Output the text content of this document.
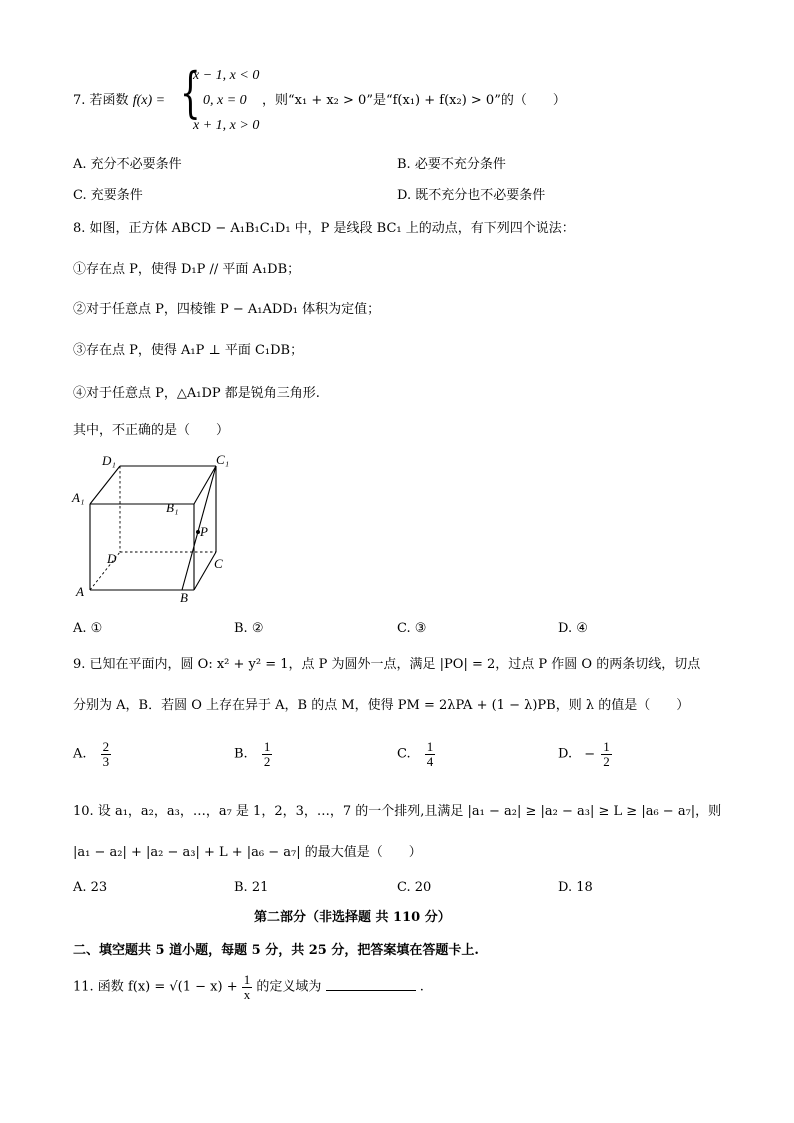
7. 若函数 f(x) = {
x − 1, x < 0
0, x = 0
x + 1, x > 0
，则“x₁ + x₂ > 0”是“f(x₁) + f(x₂) > 0”的（　　）
A. 充分不必要条件	B. 必要不充分条件
C. 充要条件	D. 既不充分也不必要条件
8. 如图，正方体 ABCD − A₁B₁C₁D₁ 中，P 是线段 BC₁ 上的动点，有下列四个说法：
①存在点 P，使得 D₁P // 平面 A₁DB；
②对于任意点 P，四棱锥 P − A₁ADD₁ 体积为定值；
③存在点 P，使得 A₁P ⊥ 平面 C₁DB；
④对于任意点 P，△A₁DP 都是锐角三角形.
其中，不正确的是（　　）
D₁	C₁
A₁
B₁
P
D	C
A	B
A. ①	B. ②	C. ③	D. ④
9. 已知在平面内，圆 O: x² + y² = 1，点 P 为圆外一点，满足 |PO| = 2，过点 P 作圆 O 的两条切线，切点
分别为 A，B．若圆 O 上存在异于 A，B 的点 M，使得 PM = 2λPA + (1 − λ)PB，则 λ 的值是（　　）
A. $\frac{2}{3}$	B. $\frac{1}{2}$	C. $\frac{1}{4}$	D. − $\frac{1}{2}$
10. 设 a₁，a₂，a₃，…，a₇ 是 1，2，3，…，7 的一个排列,且满足 |a₁ − a₂| ≥ |a₂ − a₃| ≥ L ≥ |a₆ − a₇|，则
|a₁ − a₂| + |a₂ − a₃| + L + |a₆ − a₇| 的最大值是（　　）
A. 23	B. 21	C. 20	D. 18
第二部分（非选择题 共 110 分）
二、填空题共 5 道小题，每题 5 分，共 25 分，把答案填在答题卡上.
11. 函数 $f(x) = √(1 - x) + \frac{1}{x}$ 的定义域为	.
